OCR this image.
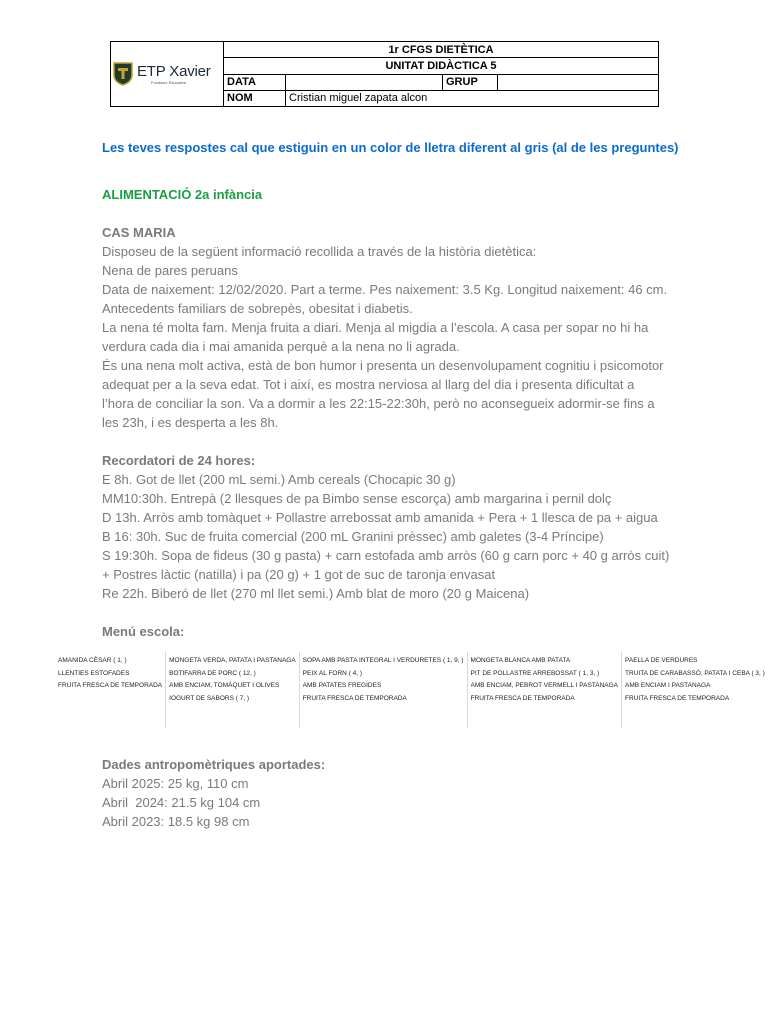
ETP Xavier
Fundació Educativa	1r CFGS DIETÈTICA			
	UNITAT DIDÀCTICA 5			
	DATA		GRUP	
	NOM	Cristian miguel zapata alcon		
Les teves respostes cal que estiguin en un color de lletra diferent al gris (al de les preguntes)
ALIMENTACIÓ 2a infància
CAS MARIA
Disposeu de la següent informació recollida a través de la història dietètica:
Nena de pares peruans
Data de naixement: 12/02/2020. Part a terme. Pes naixement: 3.5 Kg. Longitud naixement: 46 cm.
Antecedents familiars de sobrepès, obesitat i diabetis.
La nena té molta fam. Menja fruita a diari. Menja al migdia a l’escola. A casa per sopar no hi ha
verdura cada dia i mai amanida perquè a la nena no li agrada.
És una nena molt activa, està de bon humor i presenta un desenvolupament cognitiu i psicomotor
adequat per a la seva edat. Tot i així, es mostra nerviosa al llarg del dia i presenta dificultat a
l’hora de conciliar la son. Va a dormir a les 22:15-22:30h, però no aconsegueix adormir-se fins a
les 23h, i es desperta a les 8h.
Recordatori de 24 hores:
E 8h. Got de llet (200 mL semi.) Amb cereals (Chocapic 30 g)
MM10:30h. Entrepà (2 llesques de pa Bimbo sense escorça) amb margarina i pernil dolç
D 13h. Arròs amb tomàquet + Pollastre arrebossat amb amanida + Pera + 1 llesca de pa + aigua
B 16: 30h. Suc de fruita comercial (200 mL Granini prèssec) amb galetes (3-4 Príncipe)
S 19:30h. Sopa de fideus (30 g pasta) + carn estofada amb arròs (60 g carn porc + 40 g arròs cuit)
+ Postres làctic (natilla) i pa (20 g) + 1 got de suc de taronja envasat
Re 22h. Biberó de llet (270 ml llet semi.) Amb blat de moro (20 g Maicena)
Menú escola:
Dades antropomètriques aportades:
Abril 2025: 25 kg, 110 cm
Abril  2024: 21.5 kg 104 cm
Abril 2023: 18.5 kg 98 cm
AMANIDA CÈSAR ( 1, )
LLENTIES ESTOFADES
FRUITA FRESCA DE TEMPORADA
MONGETA VERDA, PATATA I PASTANAGA
BOTIFARRA DE PORC ( 12, )
AMB ENCIAM, TOMÀQUET I OLIVES
IOGURT DE SABORS ( 7, )
SOPA AMB PASTA INTEGRAL I VERDURETES ( 1, 9, )
PEIX AL FORN ( 4, )
AMB PATATES FREGIDES
FRUITA FRESCA DE TEMPORADA
MONGETA BLANCA AMB PATATA
PIT DE POLLASTRE ARREBOSSAT ( 1, 3, )
AMB ENCIAM, PEBROT VERMELL I PASTANAGA
FRUITA FRESCA DE TEMPORADA
PAELLA DE VERDURES
TRUITA DE CARABASSÓ, PATATA I CEBA ( 3, )
AMB ENCIAM I PASTANAGA
FRUITA FRESCA DE TEMPORADA
